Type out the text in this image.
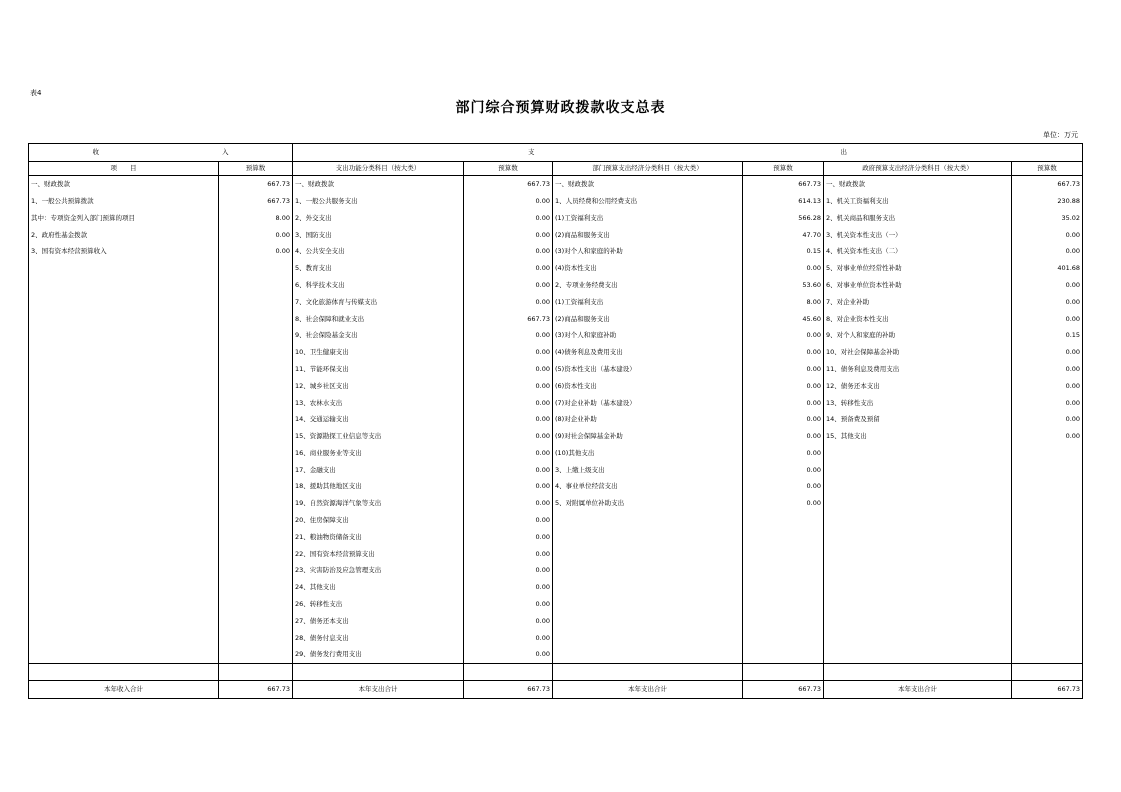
表4
部门综合预算财政拨款收支总表
单位：万元
收 入		支 出					

项　　目	预算数	支出功能分类科目（按大类）	预算数	部门预算支出经济分类科目（按大类）	预算数	政府预算支出经济分类科目（按大类）	预算数
一、财政拨款	667.73	一、财政拨款	667.73	一、财政拨款	667.73	一、财政拨款	667.73
1、一般公共预算拨款	667.73	1、一般公共服务支出	0.00	1、人员经费和公用经费支出	614.13	1、机关工资福利支出	230.88
其中：专项资金列入部门预算的项目	8.00	2、外交支出	0.00	(1)工资福利支出	566.28	2、机关商品和服务支出	35.02
2、政府性基金拨款	0.00	3、国防支出	0.00	(2)商品和服务支出	47.70	3、机关资本性支出（一）	0.00
3、国有资本经营预算收入	0.00	4、公共安全支出	0.00	(3)对个人和家庭的补助	0.15	4、机关资本性支出（二）	0.00
		5、教育支出	0.00	(4)资本性支出	0.00	5、对事业单位经常性补助	401.68
		6、科学技术支出	0.00	2、专项业务经费支出	53.60	6、对事业单位资本性补助	0.00
		7、文化旅游体育与传媒支出	0.00	(1)工资福利支出	8.00	7、对企业补助	0.00
		8、社会保障和就业支出	667.73	(2)商品和服务支出	45.60	8、对企业资本性支出	0.00
		9、社会保险基金支出	0.00	(3)对个人和家庭补助	0.00	9、对个人和家庭的补助	0.15
		10、卫生健康支出	0.00	(4)债务利息及费用支出	0.00	10、对社会保障基金补助	0.00
		11、节能环保支出	0.00	(5)资本性支出（基本建设）	0.00	11、债务利息及费用支出	0.00
		12、城乡社区支出	0.00	(6)资本性支出	0.00	12、债务还本支出	0.00
		13、农林水支出	0.00	(7)对企业补助（基本建设）	0.00	13、转移性支出	0.00
		14、交通运输支出	0.00	(8)对企业补助	0.00	14、预备费及预留	0.00
		15、资源勘探工业信息等支出	0.00	(9)对社会保障基金补助	0.00	15、其他支出	0.00
		16、商业服务业等支出	0.00	(10)其他支出	0.00		
		17、金融支出	0.00	3、上缴上级支出	0.00		
		18、援助其他地区支出	0.00	4、事业单位经营支出	0.00		
		19、自然资源海洋气象等支出	0.00	5、对附属单位补助支出	0.00		
		20、住房保障支出	0.00				
		21、粮油物资储备支出	0.00				
		22、国有资本经营预算支出	0.00				
		23、灾害防治及应急管理支出	0.00				
		24、其他支出	0.00				
		26、转移性支出	0.00				
		27、债务还本支出	0.00				
		28、债务付息支出	0.00				
		29、债务发行费用支出	0.00				

本年收入合计	667.73	本年支出合计	667.73	本年支出合计	667.73	本年支出合计	667.73
